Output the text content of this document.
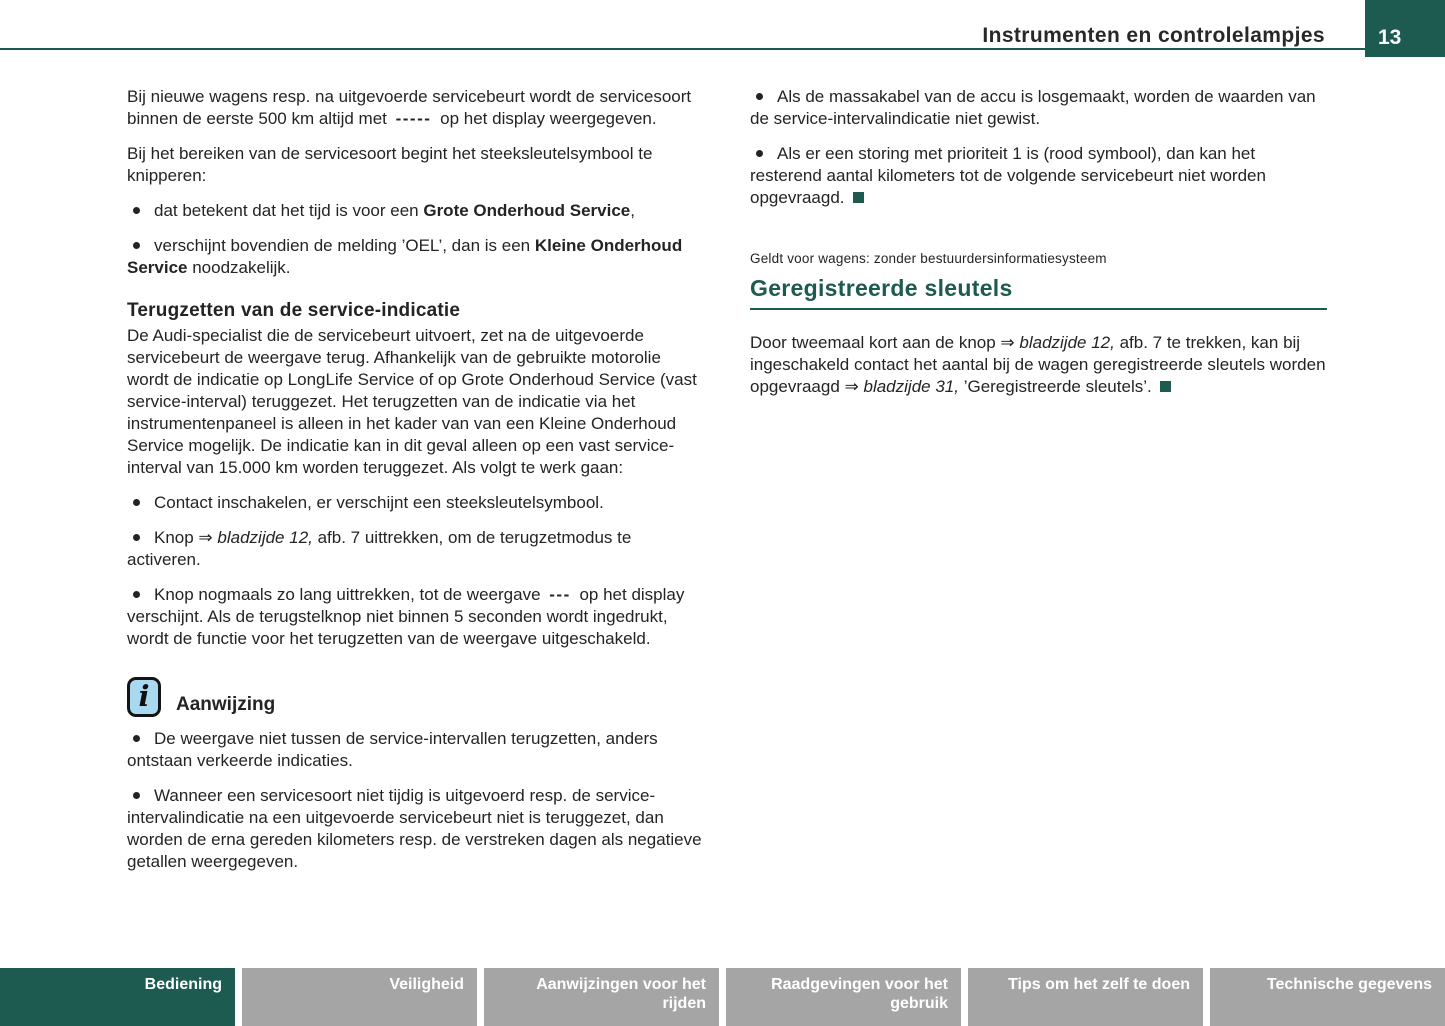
Instrumenten en controlelampjes	13

Bij nieuwe wagens resp. na uitgevoerde servicebeurt wordt de servicesoort binnen de eerste 500 km altijd met ----- op het display weergegeven.

Bij het bereiken van de servicesoort begint het steeksleutelsymbool te knipperen:

dat betekent dat het tijd is voor een Grote Onderhoud Service,

verschijnt bovendien de melding ’OEL’, dan is een Kleine Onderhoud Service noodzakelijk.

Terugzetten van de service-indicatie

De Audi-specialist die de servicebeurt uitvoert, zet na de uitgevoerde servicebeurt de weergave terug. Afhankelijk van de gebruikte motorolie wordt de indicatie op LongLife Service of op Grote Onderhoud Service (vast service-interval) teruggezet. Het terugzetten van de indicatie via het instrumentenpaneel is alleen in het kader van van een Kleine Onderhoud Service mogelijk. De indicatie kan in dit geval alleen op een vast service-interval van 15.000 km worden teruggezet. Als volgt te werk gaan:

Contact inschakelen, er verschijnt een steeksleutelsymbool.

Knop ⇒ bladzijde 12, afb. 7 uittrekken, om de terugzetmodus te activeren.

Knop nogmaals zo lang uittrekken, tot de weergave --- op het display verschijnt. Als de terugstelknop niet binnen 5 seconden wordt ingedrukt, wordt de functie voor het terugzetten van de weergave uitgeschakeld.

i	Aanwijzing

De weergave niet tussen de service-intervallen terugzetten, anders ontstaan verkeerde indicaties.

Wanneer een servicesoort niet tijdig is uitgevoerd resp. de service-intervalindicatie na een uitgevoerde servicebeurt niet is teruggezet, dan worden de erna gereden kilometers resp. de verstreken dagen als negatieve getallen weergegeven.

Als de massakabel van de accu is losgemaakt, worden de waarden van de service-intervalindicatie niet gewist.

Als er een storing met prioriteit 1 is (rood symbool), dan kan het resterend aantal kilometers tot de volgende servicebeurt niet worden opgevraagd.

Geldt voor wagens: zonder bestuurdersinformatiesysteem
Geregistreerde sleutels

Door tweemaal kort aan de knop ⇒ bladzijde 12, afb. 7 te trekken, kan bij ingeschakeld contact het aantal bij de wagen geregistreerde sleutels worden opgevraagd ⇒ bladzijde 31, ’Geregistreerde sleutels’.

Bediening	Veiligheid	Aanwijzingen voor het rijden
Raadgevingen voor het gebruik
Tips om het zelf te doen	Technische gegevens
